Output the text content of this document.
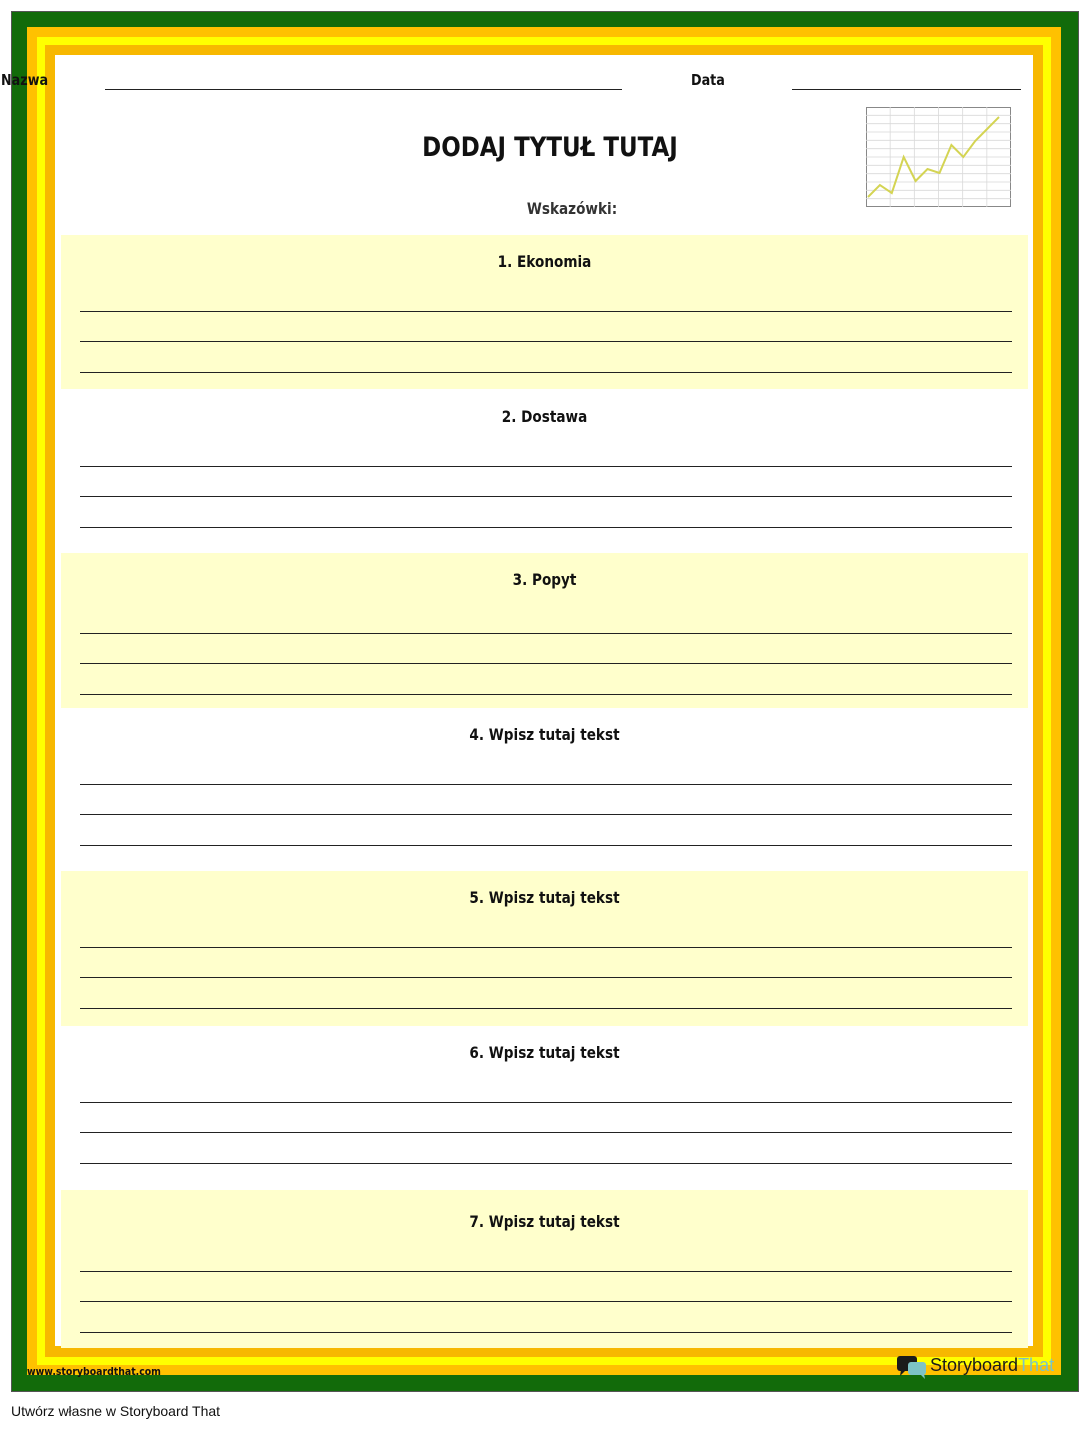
Nazwa	Data
DODAJ TYTUŁ TUTAJ
Wskazówki:
1. Ekonomia
2. Dostawa
3. Popyt
4. Wpisz tutaj tekst
5. Wpisz tutaj tekst
6. Wpisz tutaj tekst
7. Wpisz tutaj tekst
www.storyboardthat.com	StoryboardThat
Utwórz własne w Storyboard That
